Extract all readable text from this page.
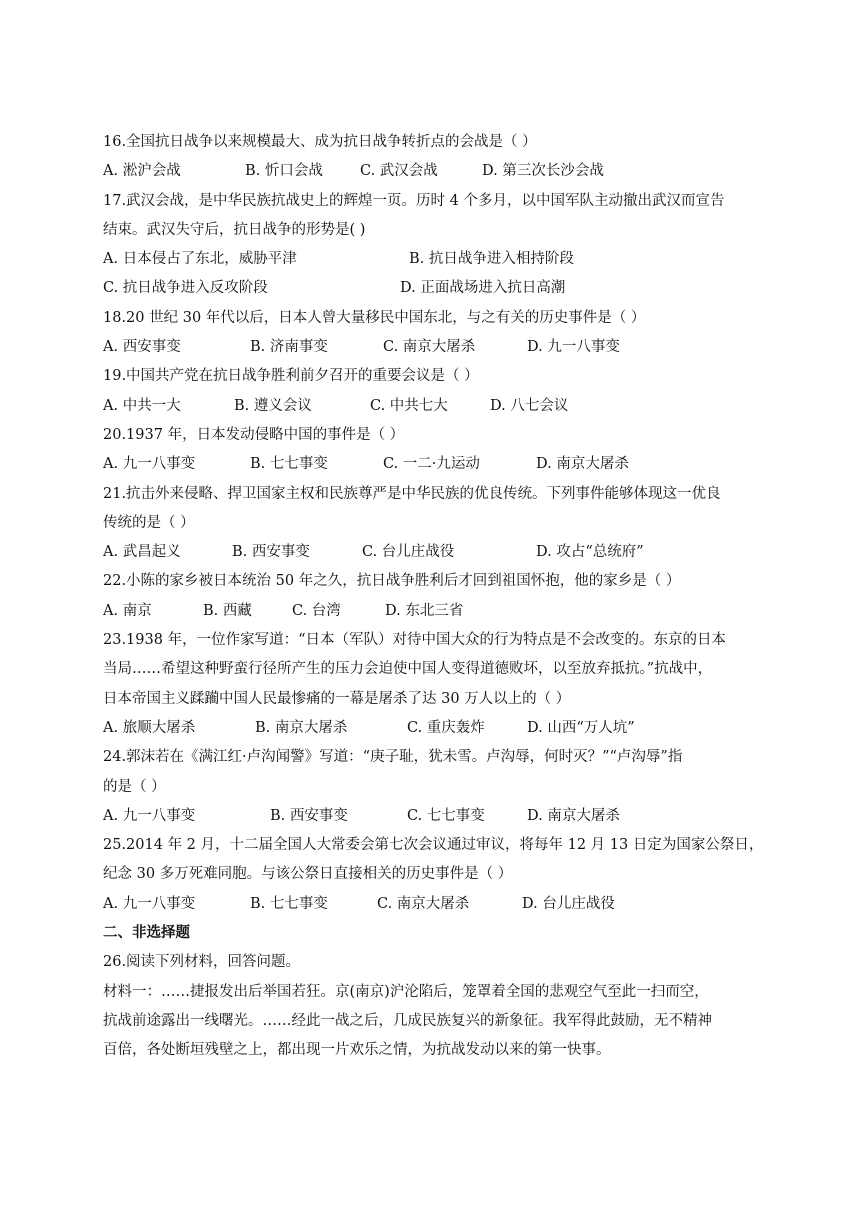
16.全国抗日战争以来规模最大、成为抗日战争转折点的会战是（ ）
A. 淞沪会战	B. 忻口会战	C. 武汉会战	D. 第三次长沙会战
17.武汉会战，是中华民族抗战史上的辉煌一页。历时 4 个多月，以中国军队主动撤出武汉而宣告
结束。武汉失守后，抗日战争的形势是( )
A. 日本侵占了东北，威胁平津	B. 抗日战争进入相持阶段
C. 抗日战争进入反攻阶段	D. 正面战场进入抗日高潮
18.20 世纪 30 年代以后，日本人曾大量移民中国东北，与之有关的历史事件是（ ）
A. 西安事变	B. 济南事变	C. 南京大屠杀	D. 九一八事变
19.中国共产党在抗日战争胜利前夕召开的重要会议是（ ）
A. 中共一大	B. 遵义会议	C. 中共七大	D. 八七会议
20.1937 年，日本发动侵略中国的事件是（ ）
A. 九一八事变	B. 七七事变	C. 一二·九运动	D. 南京大屠杀
21.抗击外来侵略、捍卫国家主权和民族尊严是中华民族的优良传统。下列事件能够体现这一优良
传统的是（ ）
A. 武昌起义	B. 西安事变	C. 台儿庄战役	D. 攻占“总统府”
22.小陈的家乡被日本统治 50 年之久，抗日战争胜利后才回到祖国怀抱，他的家乡是（ ）
A. 南京	B. 西藏	C. 台湾	D. 东北三省
23.1938 年，一位作家写道：“日本（军队）对待中国大众的行为特点是不会改变的。东京的日本
当局……希望这种野蛮行径所产生的压力会迫使中国人变得道德败坏，以至放弃抵抗。”抗战中，
日本帝国主义蹂躏中国人民最惨痛的一幕是屠杀了达 30 万人以上的（ ）
A. 旅顺大屠杀	B. 南京大屠杀	C. 重庆轰炸	D. 山西“万人坑”
24.郭沫若在《满江红·卢沟闻警》写道：“庚子耻，犹未雪。卢沟辱，何时灭？”“卢沟辱”指
的是（ ）
A. 九一八事变	B. 西安事变	C. 七七事变	D. 南京大屠杀
25.2014 年 2 月，十二届全国人大常委会第七次会议通过审议，将每年 12 月 13 日定为国家公祭日，
纪念 30 多万死难同胞。与该公祭日直接相关的历史事件是（ ）
A. 九一八事变	B. 七七事变	C. 南京大屠杀	D. 台儿庄战役
二、非选择题
26.阅读下列材料，回答问题。
材料一：……捷报发出后举国若狂。京(南京)沪沦陷后，笼罩着全国的悲观空气至此一扫而空，
抗战前途露出一线曙光。……经此一战之后，几成民族复兴的新象征。我军得此鼓励，无不精神
百倍，各处断垣残壁之上，都出现一片欢乐之情，为抗战发动以来的第一快事。
